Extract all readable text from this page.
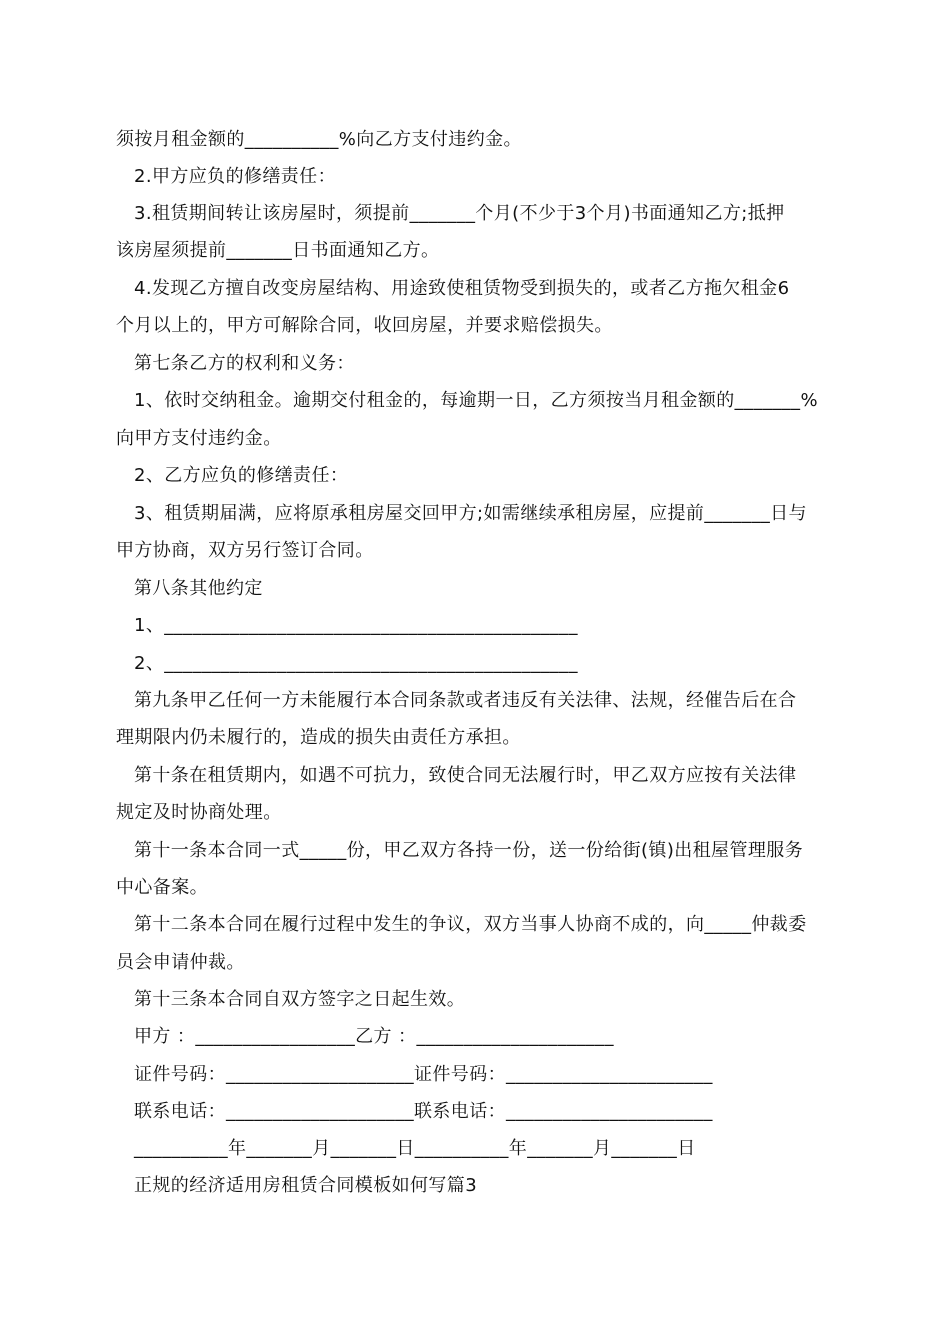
须按月租金额的__________%向乙方支付违约金。
2.甲方应负的修缮责任：
3.租赁期间转让该房屋时，须提前_______个月(不少于3个月)书面通知乙方;抵押
该房屋须提前_______日书面通知乙方。
4.发现乙方擅自改变房屋结构、用途致使租赁物受到损失的，或者乙方拖欠租金6
个月以上的，甲方可解除合同，收回房屋，并要求赔偿损失。
第七条乙方的权利和义务：
1、依时交纳租金。逾期交付租金的，每逾期一日，乙方须按当月租金额的_______%
向甲方支付违约金。
2、乙方应负的修缮责任：
3、租赁期届满，应将原承租房屋交回甲方;如需继续承租房屋，应提前_______日与
甲方协商，双方另行签订合同。
第八条其他约定
1、____________________________________________
2、____________________________________________
第九条甲乙任何一方未能履行本合同条款或者违反有关法律、法规，经催告后在合
理期限内仍未履行的，造成的损失由责任方承担。
第十条在租赁期内，如遇不可抗力，致使合同无法履行时，甲乙双方应按有关法律
规定及时协商处理。
第十一条本合同一式_____份，甲乙双方各持一份，送一份给街(镇)出租屋管理服务
中心备案。
第十二条本合同在履行过程中发生的争议，双方当事人协商不成的，向_____仲裁委
员会申请仲裁。
第十三条本合同自双方签字之日起生效。
甲方 ：_________________乙方 ：_____________________
证件号码：____________________证件号码：______________________
联系电话：____________________联系电话：______________________
__________年_______月_______日__________年_______月_______日
正规的经济适用房租赁合同模板如何写篇3
